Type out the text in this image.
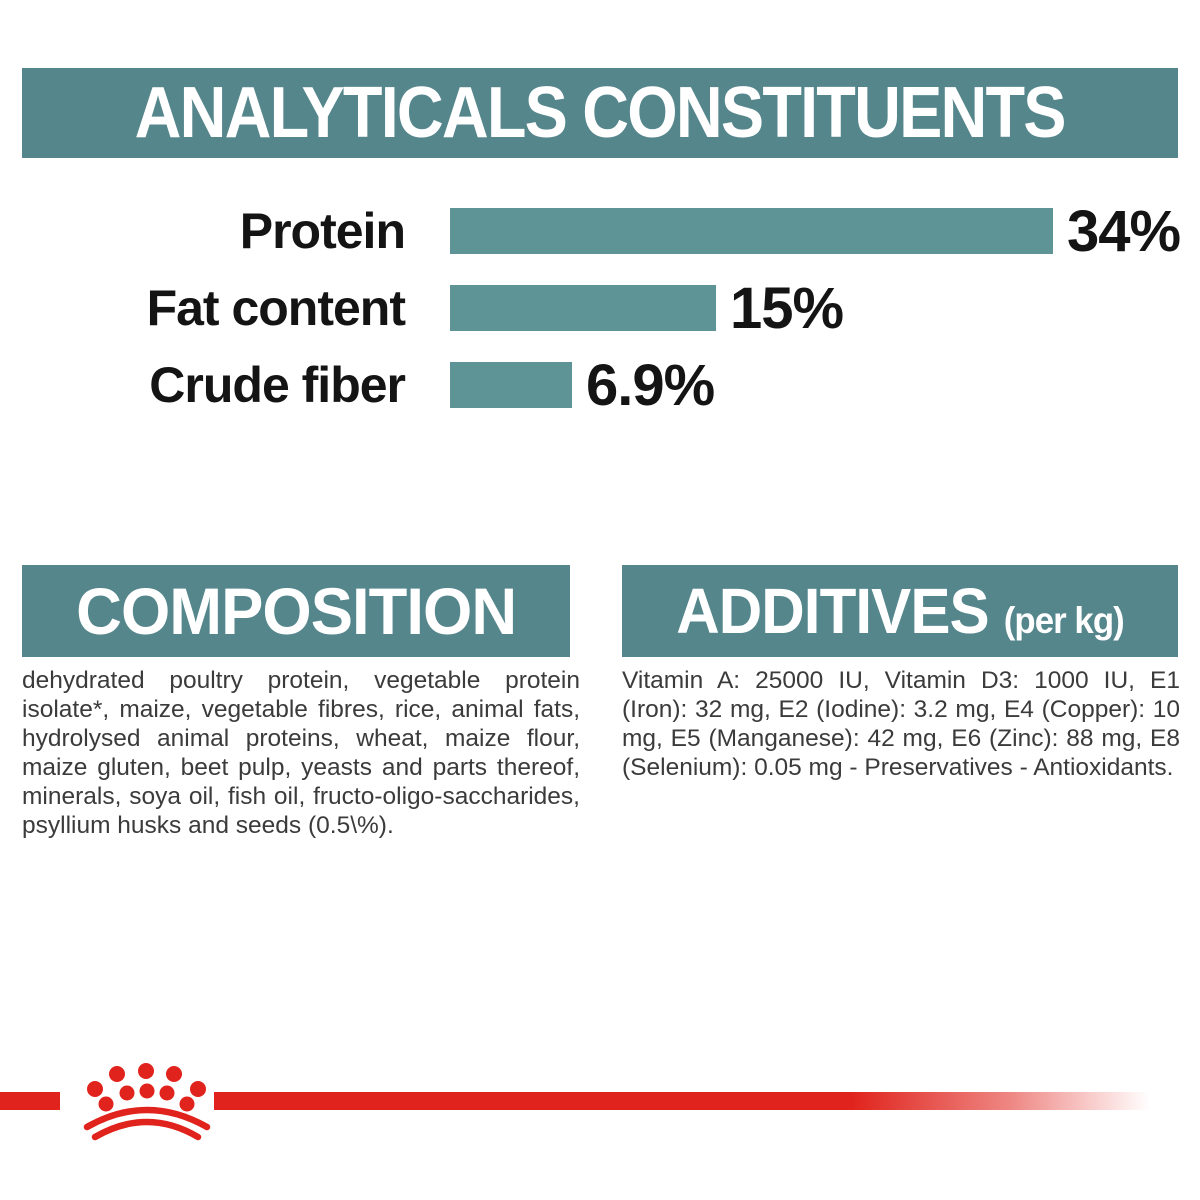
ANALYTICALS CONSTITUENTS
Protein	34%
Fat content	15%
Crude fiber	6.9%
COMPOSITION

dehydrated poultry protein, vegetable protein isolate*, maize, vegetable fibres, rice, animal fats, hydrolysed animal proteins, wheat, maize flour, maize gluten, beet pulp, yeasts and parts thereof, minerals, soya oil, fish oil, fructo-oligo-saccharides, psyllium husks and seeds (0.5\%).

ADDITIVES (per kg)

Vitamin A: 25000 IU, Vitamin D3: 1000 IU, E1 (Iron): 32 mg, E2 (Iodine): 3.2 mg, E4 (Copper): 10 mg, E5 (Manganese): 42 mg, E6 (Zinc): 88 mg, E8 (Selenium): 0.05 mg - Preservatives - Antioxidants.
